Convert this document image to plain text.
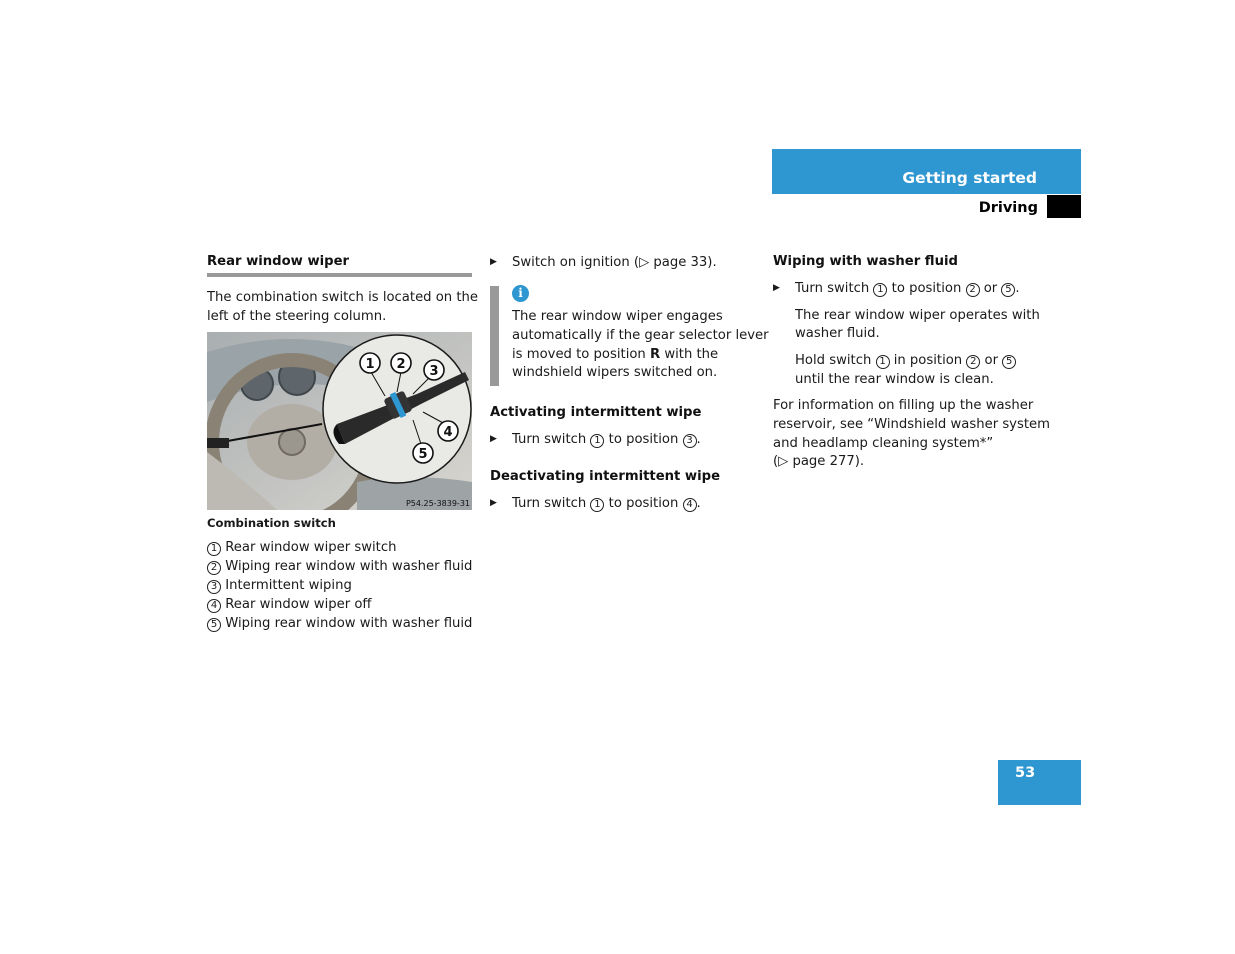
Getting started
Driving
Rear window wiper
The combination switch is located on the
left of the steering column.
1 2 3
4
5
P54.25-3839-31
Combination switch
1 Rear window wiper switch
2 Wiping rear window with washer fluid
3 Intermittent wiping
4 Rear window wiper off
5 Wiping rear window with washer fluid
▶ Switch on ignition (▷ page 33).
i
The rear window wiper engages
automatically if the gear selector lever
is moved to position R with the
windshield wipers switched on.
Activating intermittent wipe
▶ Turn switch 1 to position 3 .
Deactivating intermittent wipe
▶ Turn switch 1 to position 4 .
Wiping with washer fluid
▶ Turn switch 1 to position 2 or 5 .
The rear window wiper operates with
washer fluid.
Hold switch 1 in position 2 or 5
until the rear window is clean.
For information on filling up the washer
reservoir, see “Windshield washer system
and headlamp cleaning system*”
(▷ page 277).
53
